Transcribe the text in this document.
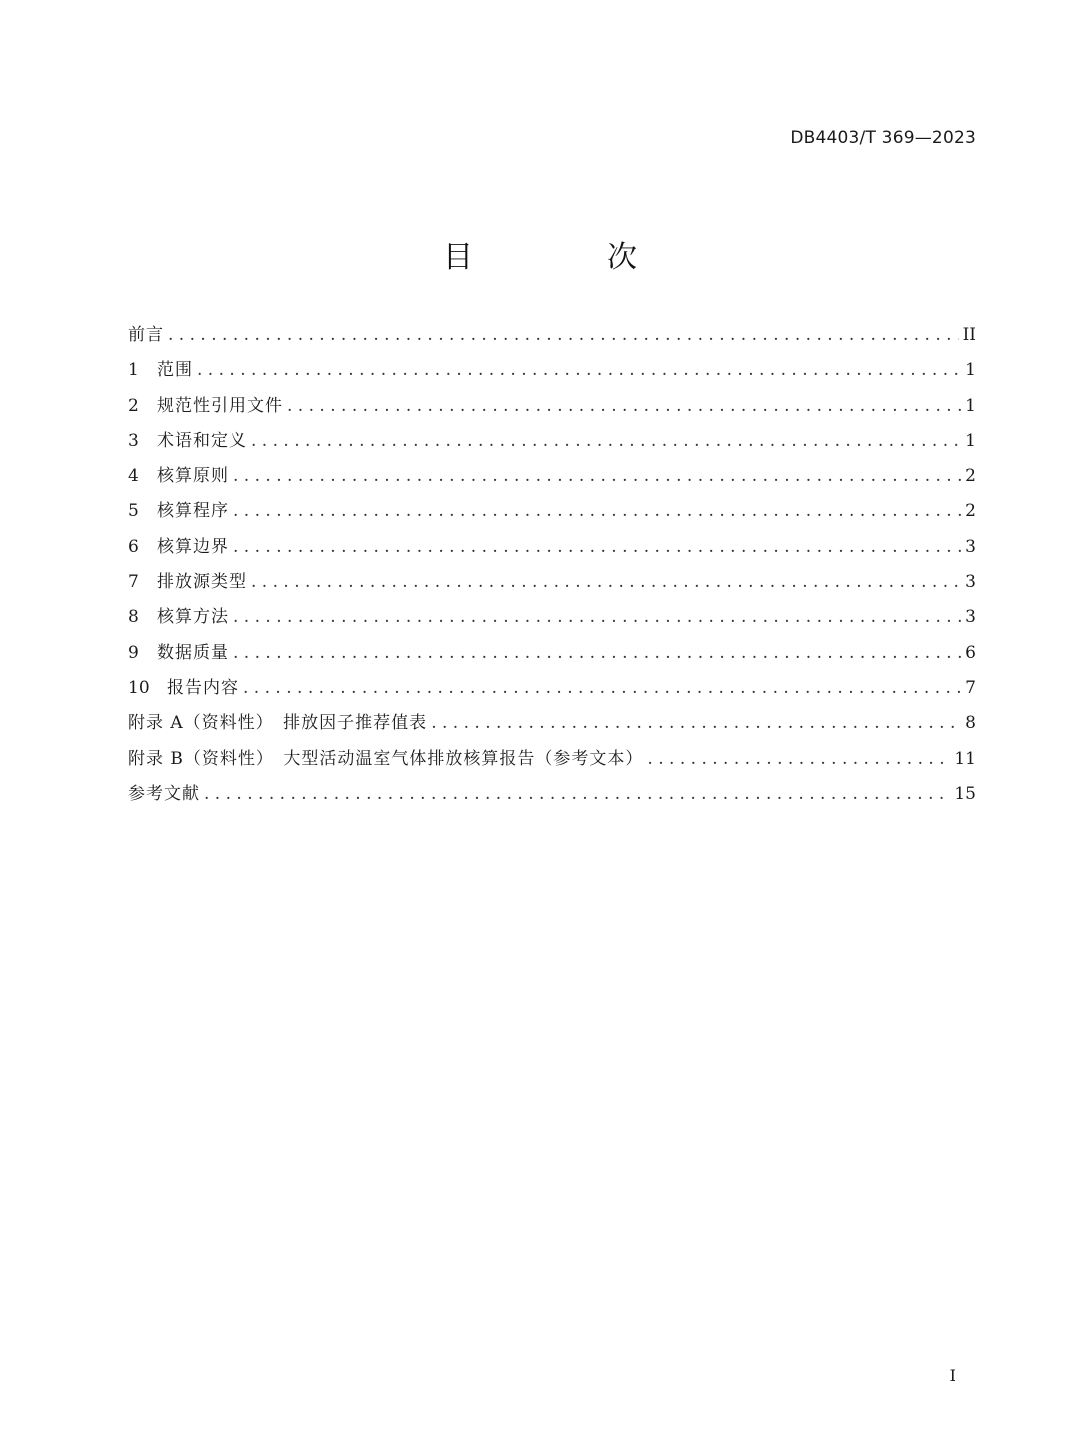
DB4403/T 369—2023
目　次
前言 . . .	II
1	范围 . . .	1
2	规范性引用文件 . . .	1
3	术语和定义 . . .	1
4	核算原则 . . .	2
5	核算程序 . . .	2
6	核算边界 . . .	3
7	排放源类型 . . .	3
8	核算方法 . . .	3
9	数据质量 . . .	6
10	报告内容 . . .	7
附录 A（资料性）　排放因子推荐值表 . . .	8
附录 B（资料性）　大型活动温室气体排放核算报告（参考文本） . . .	11
参考文献 . . .	15
I
